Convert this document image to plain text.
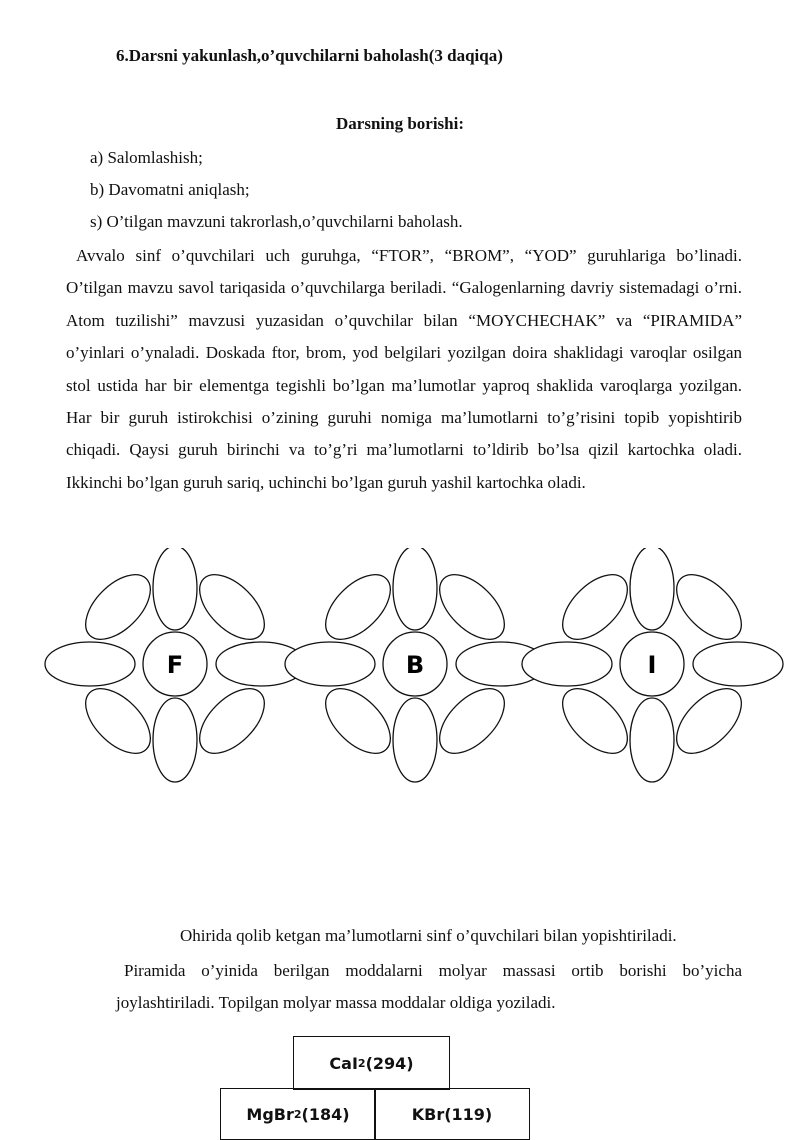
6.Darsni yakunlash,o’quvchilarni baholash(3 daqiqa)
Darsning borishi:
a) Salomlashish;
b) Davomatni aniqlash;
s) O’tilgan mavzuni takrorlash,o’quvchilarni baholash.

Avvalo sinf o’quvchilari uch guruhga, “FTOR”, “BROM”, “YOD” guruhlariga bo’linadi. O’tilgan mavzu savol tariqasida o’quvchilarga beriladi. “Galogenlarning davriy sistemadagi o’rni. Atom tuzilishi” mavzusi yuzasidan o’quvchilar bilan “MOYCHECHAK” va “PIRAMIDA” o’yinlari o’ynaladi. Doskada ftor, brom, yod belgilari yozilgan doira shaklidagi varoqlar osilgan stol ustida har bir elementga tegishli bo’lgan ma’lumotlar yaproq shaklida varoqlarga yozilgan. Har bir guruh istirokchisi o’zining guruhi nomiga ma’lumotlarni to’g’risini topib yopishtirib chiqadi. Qaysi guruh birinchi va to’g’ri ma’lumotlarni to’ldirib bo’lsa qizil kartochka oladi. Ikkinchi bo’lgan guruh sariq, uchinchi bo’lgan guruh yashil kartochka oladi.

F	B	I
Ohirida qolib ketgan ma’lumotlarni sinf o’quvchilari bilan yopishtiriladi.

Piramida o’yinida berilgan moddalarni molyar massasi ortib borishi bo’yicha joylashtiriladi. Topilgan molyar massa moddalar oldiga yoziladi.

CaI 2 (294)
MgBr 2 (184)	KBr (119)
